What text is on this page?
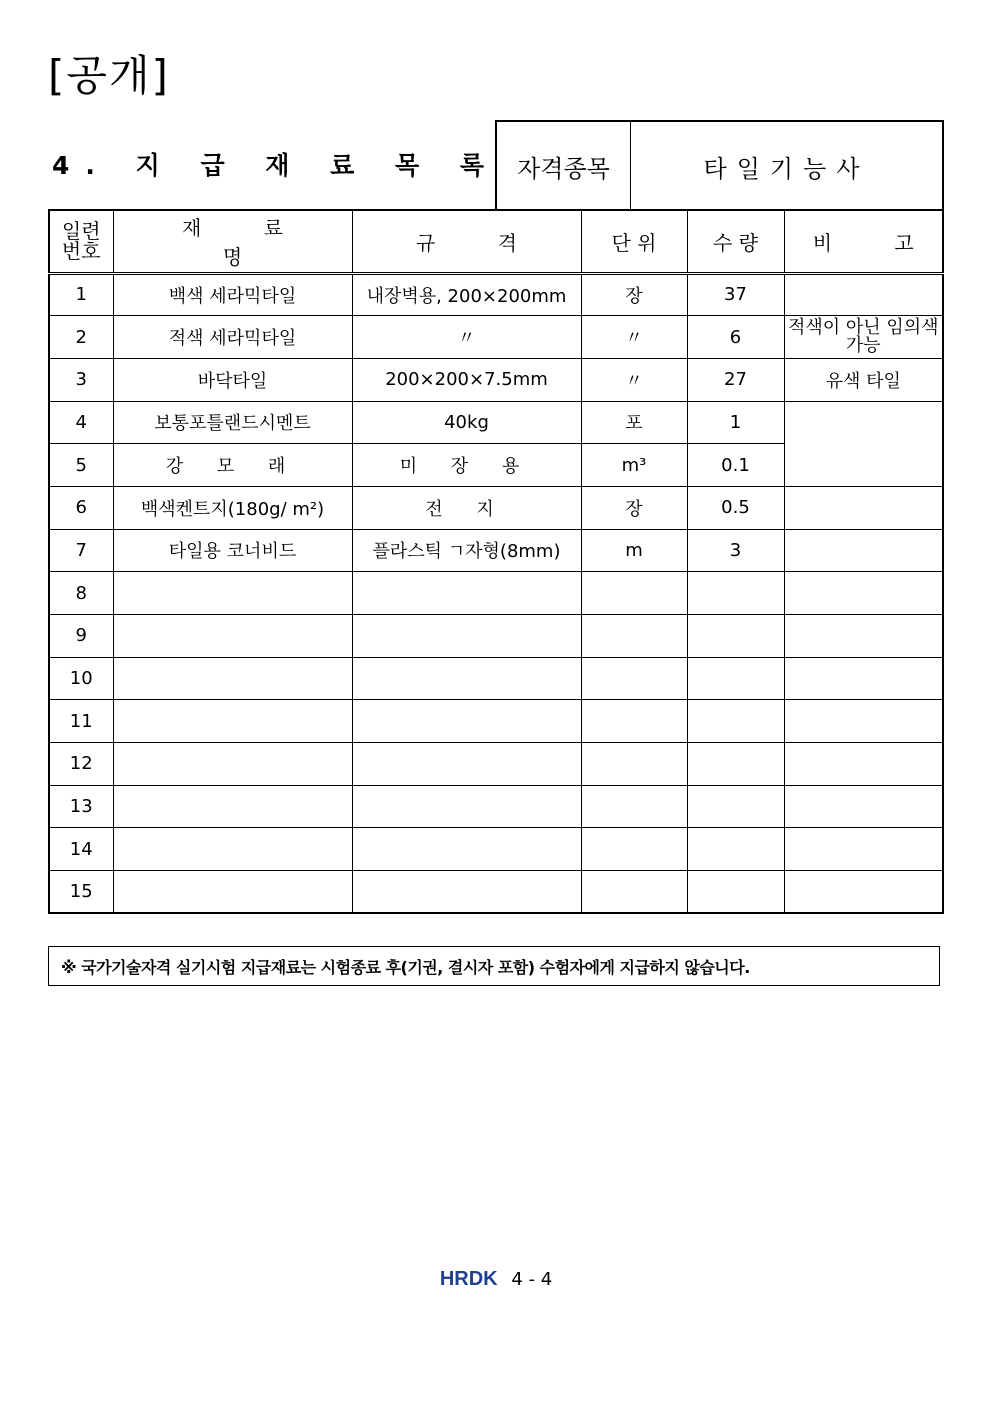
[공개]
4. 지 급 재 료 목 록 자격종목	타일기능사
일련
번호	재 료 명	규 격	단 위	수 량	비 고
1	백색 세라믹타일	내장벽용, 200×200mm	장	37	
2	적색 세라믹타일	〃	〃	6	적색이 아닌 임의색 가능
3	바닥타일	200×200×7.5mm	〃	27	유색 타일
4	보통포틀랜드시멘트	40kg	포	1	
5	강 모 래	미 장 용	m³	0.1	
6	백색켄트지(180g/ m²)	전 지	장	0.5	
7	타일용 코너비드	플라스틱 ㄱ자형(8mm)	m	3	
8					
9					
10					
11					
12					
13					
14					
15					
※ 국가기술자격 실기시험 지급재료는 시험종료 후(기권, 결시자 포함) 수험자에게 지급하지 않습니다.
HRDK 4 - 4
